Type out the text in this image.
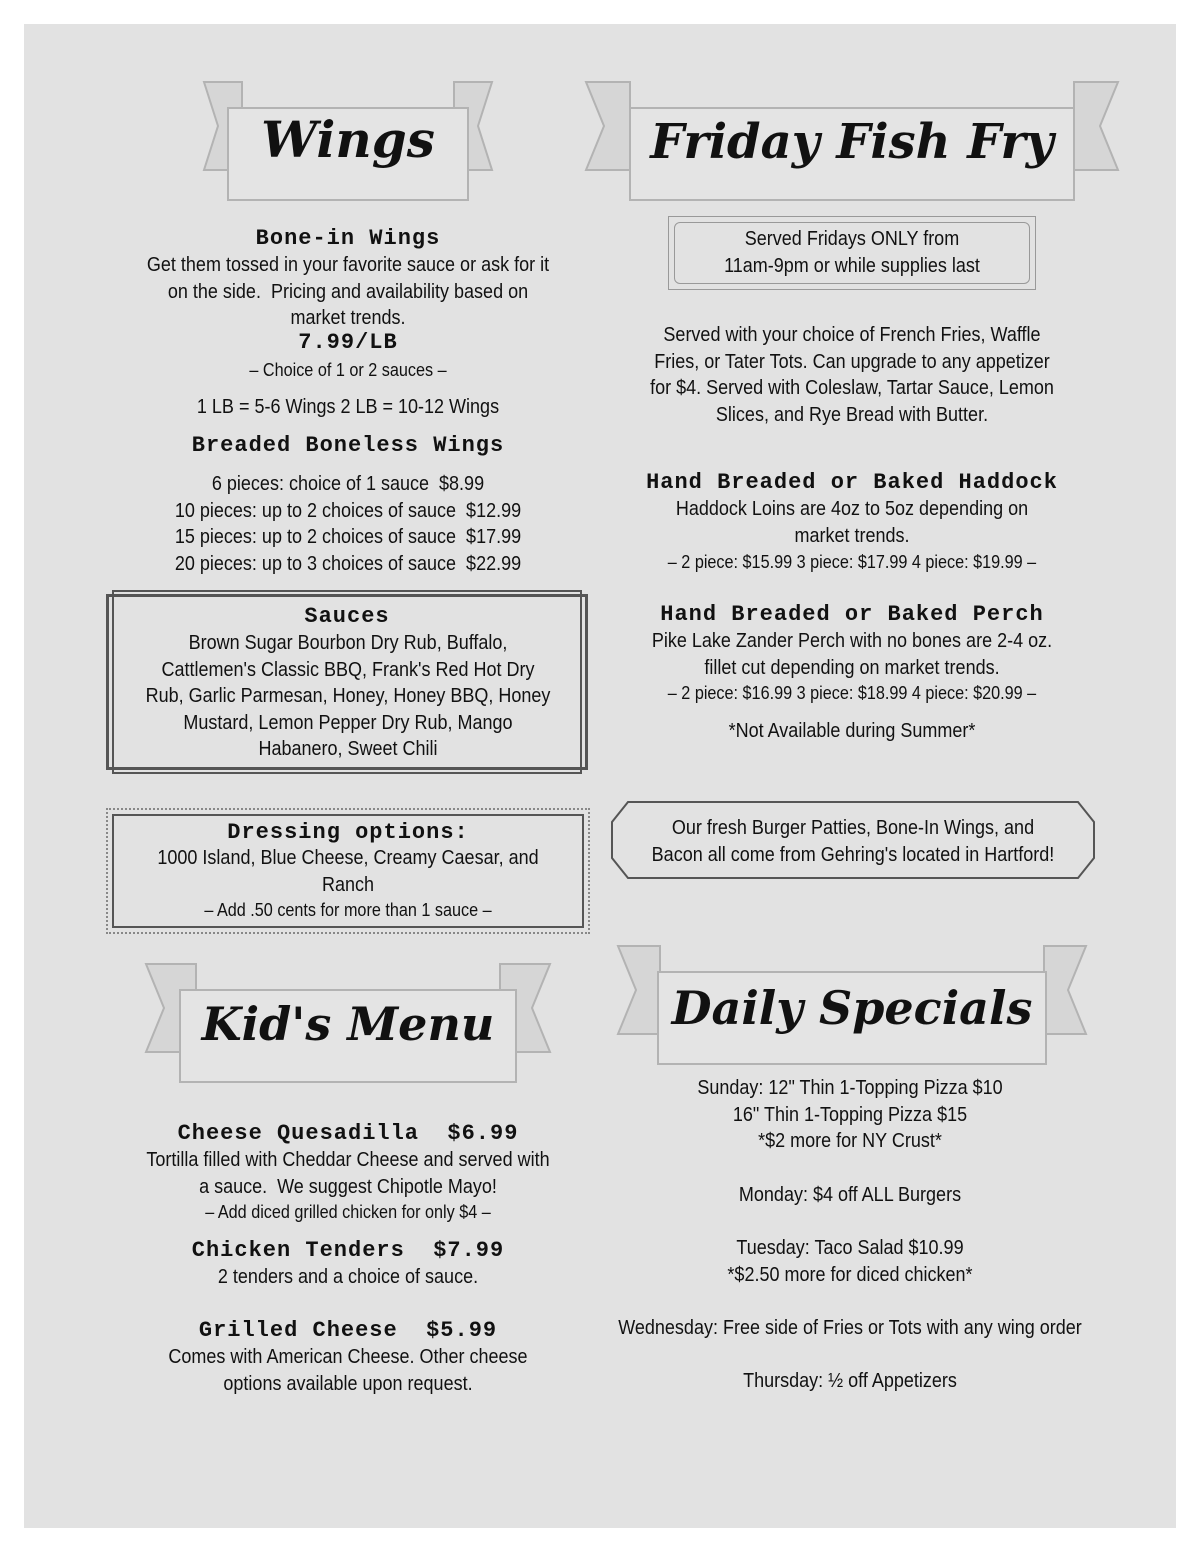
Wings	Friday Fish Fry
Bone-in Wings
Get them tossed in your favorite sauce or ask for it
on the side.  Pricing and availability based on
market trends.
7.99/LB
– Choice of 1 or 2 sauces –
1 LB = 5-6 Wings 2 LB = 10-12 Wings
Breaded Boneless Wings
6 pieces: choice of 1 sauce  $8.99
10 pieces: up to 2 choices of sauce  $12.99
15 pieces: up to 2 choices of sauce  $17.99
20 pieces: up to 3 choices of sauce  $22.99
Sauces
Brown Sugar Bourbon Dry Rub, Buffalo,
Cattlemen's Classic BBQ, Frank's Red Hot Dry
Rub, Garlic Parmesan, Honey, Honey BBQ, Honey
Mustard, Lemon Pepper Dry Rub, Mango
Habanero, Sweet Chili
Dressing options:
1000 Island, Blue Cheese, Creamy Caesar, and
Ranch
– Add .50 cents for more than 1 sauce –
Served Fridays ONLY from
11am-9pm or while supplies last
Served with your choice of French Fries, Waffle
Fries, or Tater Tots. Can upgrade to any appetizer
for $4. Served with Coleslaw, Tartar Sauce, Lemon
Slices, and Rye Bread with Butter.
Hand Breaded or Baked Haddock
Haddock Loins are 4oz to 5oz depending on
market trends.
– 2 piece: $15.99 3 piece: $17.99 4 piece: $19.99 –
Hand Breaded or Baked Perch
Pike Lake Zander Perch with no bones are 2-4 oz.
fillet cut depending on market trends.
– 2 piece: $16.99 3 piece: $18.99 4 piece: $20.99 –
*Not Available during Summer*
Our fresh Burger Patties, Bone-In Wings, and
Bacon all come from Gehring's located in Hartford!
Kid's Menu	Daily Specials
Cheese Quesadilla  $6.99
Tortilla filled with Cheddar Cheese and served with
a sauce.  We suggest Chipotle Mayo!
– Add diced grilled chicken for only $4 –
Chicken Tenders  $7.99
2 tenders and a choice of sauce.
Grilled Cheese  $5.99
Comes with American Cheese. Other cheese
options available upon request.
Sunday: 12" Thin 1-Topping Pizza $10
16" Thin 1-Topping Pizza $15
*$2 more for NY Crust*
Monday: $4 off ALL Burgers
Tuesday: Taco Salad $10.99
*$2.50 more for diced chicken*
Wednesday: Free side of Fries or Tots with any wing order
Thursday: ½ off Appetizers
